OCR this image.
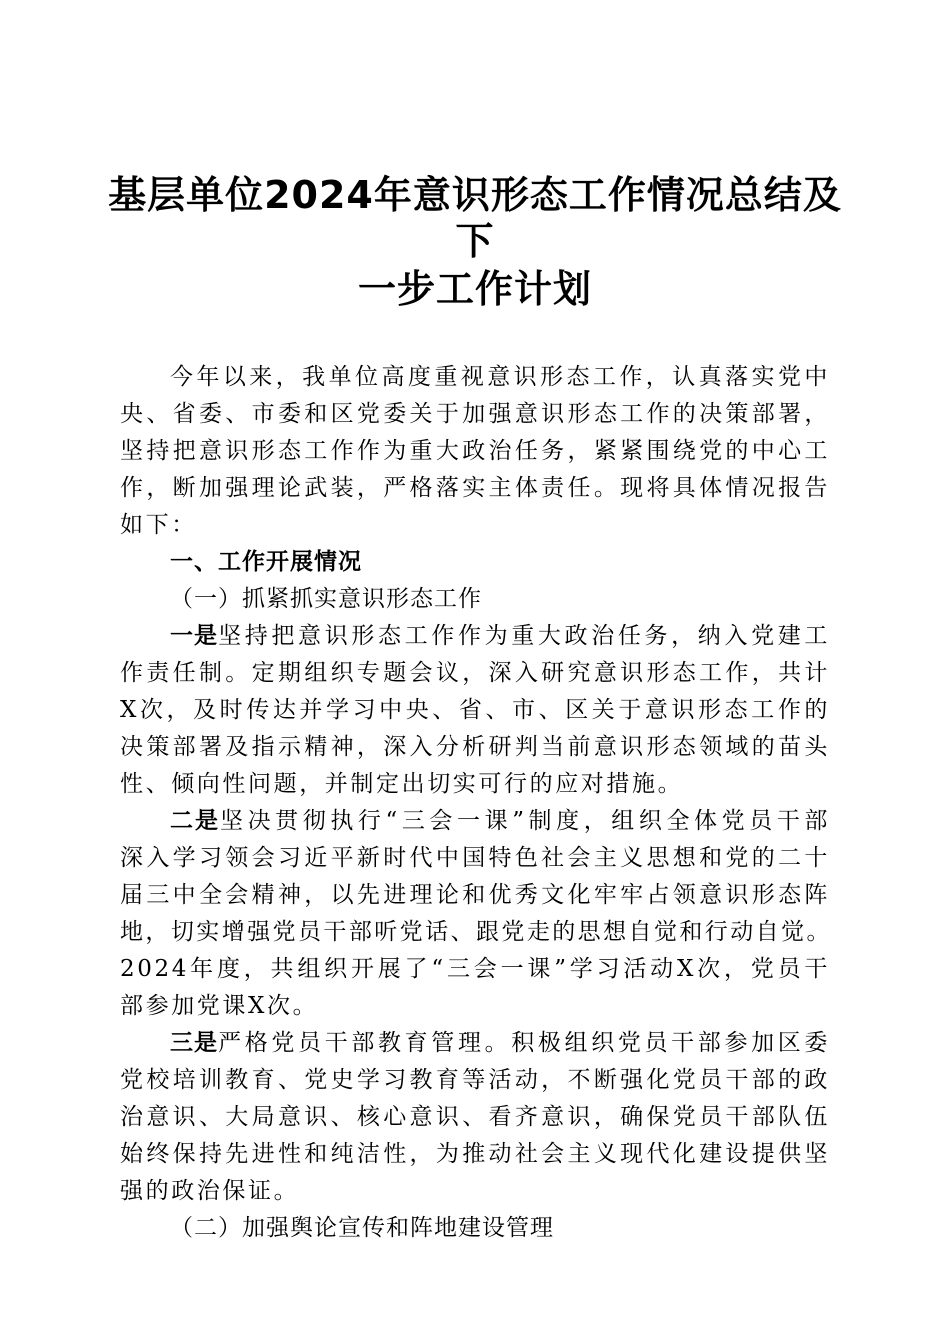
基层单位2024年意识形态工作情况总结及下
一步工作计划
今年以来，我单位高度重视意识形态工作，认真落实党中
央、省委、市委和区党委关于加强意识形态工作的决策部署，
坚持把意识形态工作作为重大政治任务，紧紧围绕党的中心工
作，断加强理论武装，严格落实主体责任。现将具体情况报告
如下：
一、工作开展情况
（一）抓紧抓实意识形态工作
一是坚持把意识形态工作作为重大政治任务，纳入党建工
作责任制。定期组织专题会议，深入研究意识形态工作，共计
X次，及时传达并学习中央、省、市、区关于意识形态工作的
决策部署及指示精神，深入分析研判当前意识形态领域的苗头
性、倾向性问题，并制定出切实可行的应对措施。
二是坚决贯彻执行“三会一课”制度，组织全体党员干部
深入学习领会习近平新时代中国特色社会主义思想和党的二十
届三中全会精神，以先进理论和优秀文化牢牢占领意识形态阵
地，切实增强党员干部听党话、跟党走的思想自觉和行动自觉。
2024年度，共组织开展了“三会一课”学习活动X次，党员干
部参加党课X次。
三是严格党员干部教育管理。积极组织党员干部参加区委
党校培训教育、党史学习教育等活动，不断强化党员干部的政
治意识、大局意识、核心意识、看齐意识，确保党员干部队伍
始终保持先进性和纯洁性，为推动社会主义现代化建设提供坚
强的政治保证。
（二）加强舆论宣传和阵地建设管理
